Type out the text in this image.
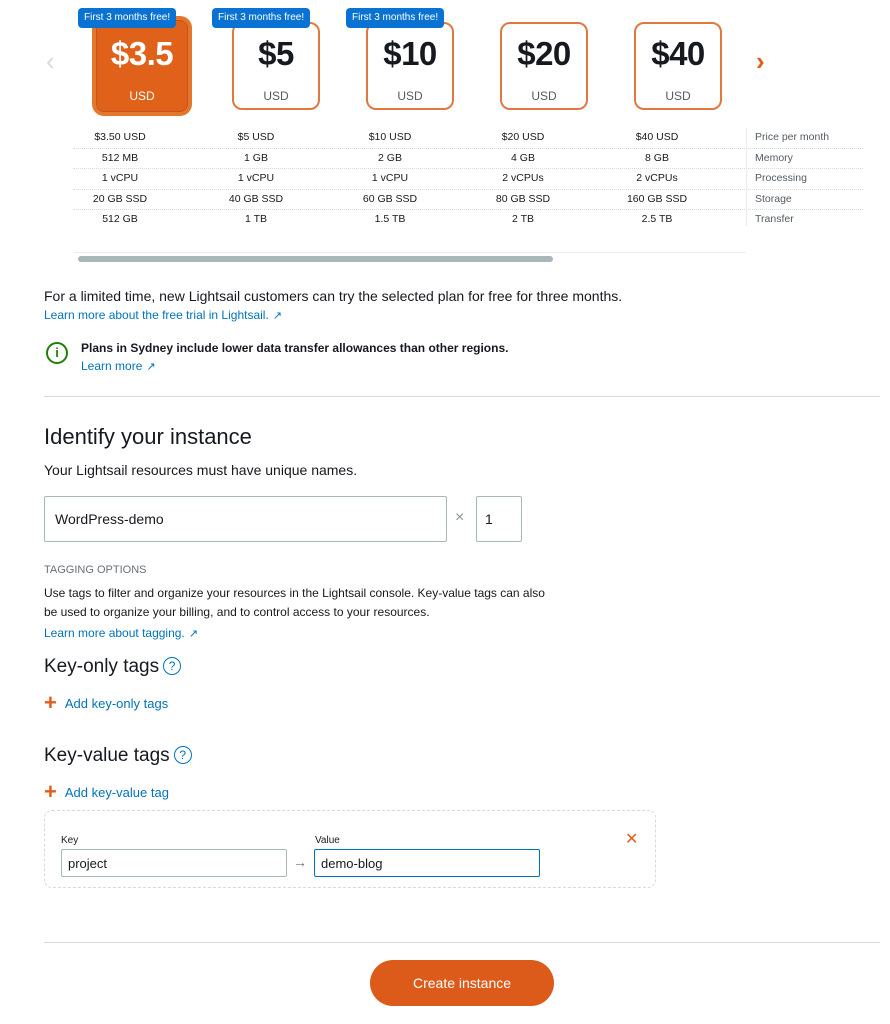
‹
First 3 months free!
$3.5
USD
First 3 months free!
$5
USD
First 3 months free!
$10
USD
$20
USD
$40
USD
›
$3.50 USD	$5 USD	$10 USD	$20 USD	$40 USD	Price per month
512 MB	1 GB	2 GB	4 GB	8 GB	Memory
1 vCPU	1 vCPU	1 vCPU	2 vCPUs	2 vCPUs	Processing
20 GB SSD	40 GB SSD	60 GB SSD	80 GB SSD	160 GB SSD	Storage
512 GB	1 TB	1.5 TB	2 TB	2.5 TB	Transfer
For a limited time, new Lightsail customers can try the selected plan for free for three months.
Learn more about the free trial in Lightsail. ↗
i	Plans in Sydney include lower data transfer allowances than other regions.
Learn more ↗
Identify your instance
Your Lightsail resources must have unique names.
WordPress-demo	×	1
TAGGING OPTIONS
Use tags to filter and organize your resources in the Lightsail console. Key-value tags can also
be used to organize your billing, and to control access to your resources.
Learn more about tagging. ↗
Key-only tags ?
+ Add key-only tags
Key-value tags ?
+ Add key-value tag
Key	Value
project	→	demo-blog
✕
Create instance
